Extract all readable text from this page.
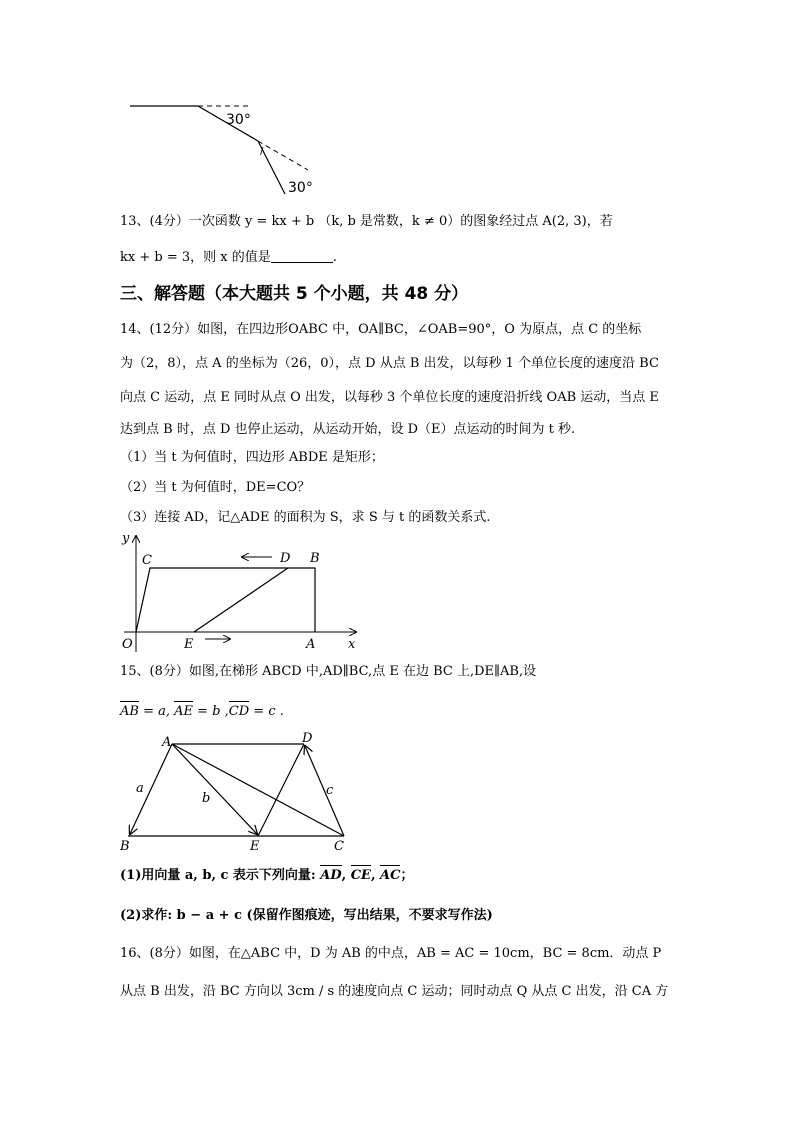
30°
30°
/
13、(4分）一次函数 y = kx + b （k, b 是常数，k ≠ 0）的图象经过点 A(2, 3)，若
kx + b = 3，则 x 的值是	.
三、解答题（本大题共 5 个小题，共 48 分）
14、(12分）如图，在四边形OABC 中，OA∥BC，∠OAB=90°，O 为原点，点 C 的坐标
为（2，8），点 A 的坐标为（26，0），点 D 从点 B 出发，以每秒 1 个单位长度的速度沿 BC
向点 C 运动，点 E 同时从点 O 出发，以每秒 3 个单位长度的速度沿折线 OAB 运动，当点 E
达到点 B 时，点 D 也停止运动，从运动开始，设 D（E）点运动的时间为 t 秒.
（1）当 t 为何值时，四边形 ABDE 是矩形；
（2）当 t 为何值时，DE=CO？
（3）连接 AD，记△ADE 的面积为 S，求 S 与 t 的函数关系式.
y
x
O
C	D B
E	A
15、(8分）如图,在梯形 ABCD 中,AD∥BC,点 E 在边 BC 上,DE∥AB,设
AB = a, AE = b ,CD = c .
A	D
B	E	C
a
b
c
(1)用向量 a, b, c 表示下列向量: AD, CE, AC；
(2)求作: b − a + c (保留作图痕迹，写出结果，不要求写作法)
16、(8分）如图，在△ABC 中，D 为 AB 的中点，AB = AC = 10cm，BC = 8cm．动点 P
从点 B 出发，沿 BC 方向以 3cm / s 的速度向点 C 运动；同时动点 Q 从点 C 出发，沿 CA 方
